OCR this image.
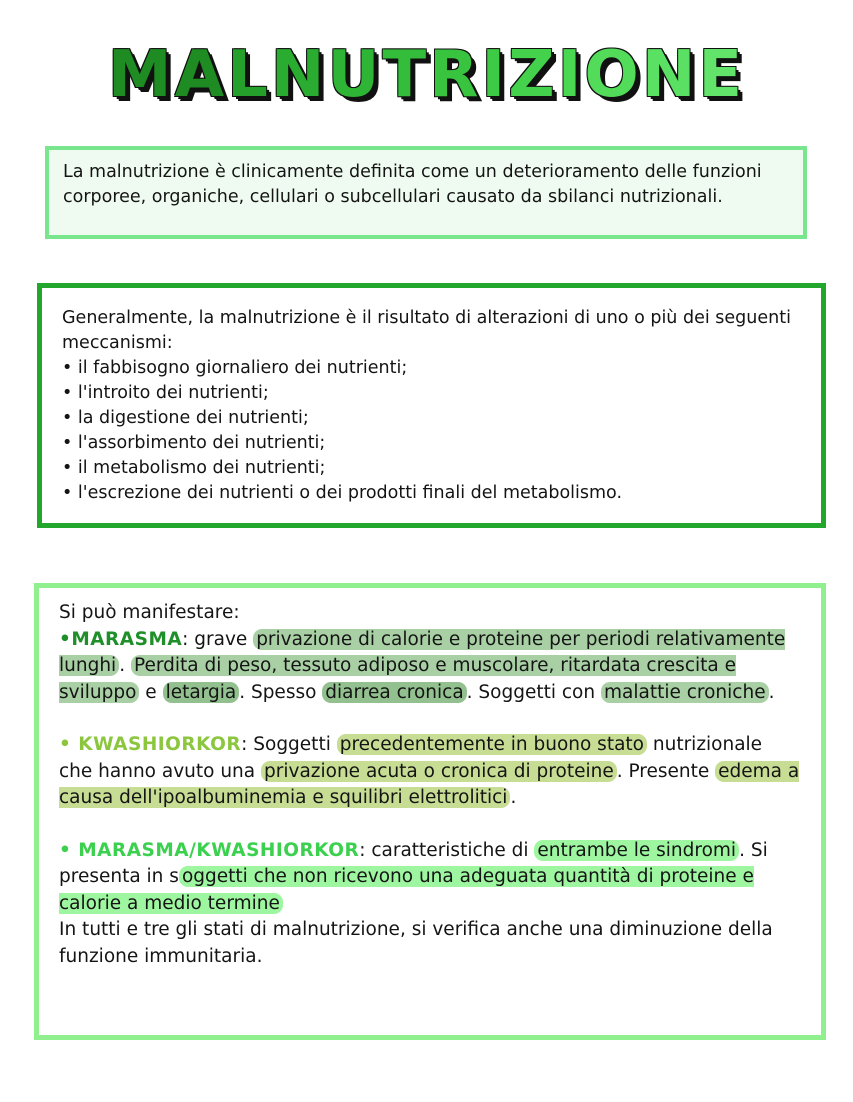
MALNUTRIZIONE

La malnutrizione è clinicamente definita come un deterioramento delle funzioni corporee, organiche, cellulari o subcellulari causato da sbilanci nutrizionali.

Generalmente, la malnutrizione è il risultato di alterazioni di uno o più dei seguenti meccanismi:

• il fabbisogno giornaliero dei nutrienti;
• l'introito dei nutrienti;
• la digestione dei nutrienti;
• l'assorbimento dei nutrienti;
• il metabolismo dei nutrienti;
• l'escrezione dei nutrienti o dei prodotti finali del metabolismo.

Si può manifestare:

•MARASMA: grave privazione di calorie e proteine per periodi relativamente lunghi . Perdita di peso, tessuto adiposo e muscolare, ritardata crescita e sviluppo e letargia . Spesso diarrea cronica . Soggetti con malattie croniche .

• KWASHIORKOR: Soggetti precedentemente in buono stato nutrizionale che hanno avuto una privazione acuta o cronica di proteine . Presente edema a causa dell'ipoalbuminemia e squilibri elettrolitici .

• MARASMA/KWASHIORKOR: caratteristiche di entrambe le sindromi . Si presenta in s oggetti che non ricevono una adeguata quantità di proteine e calorie a medio termine

In tutti e tre gli stati di malnutrizione, si verifica anche una diminuzione della funzione immunitaria.
